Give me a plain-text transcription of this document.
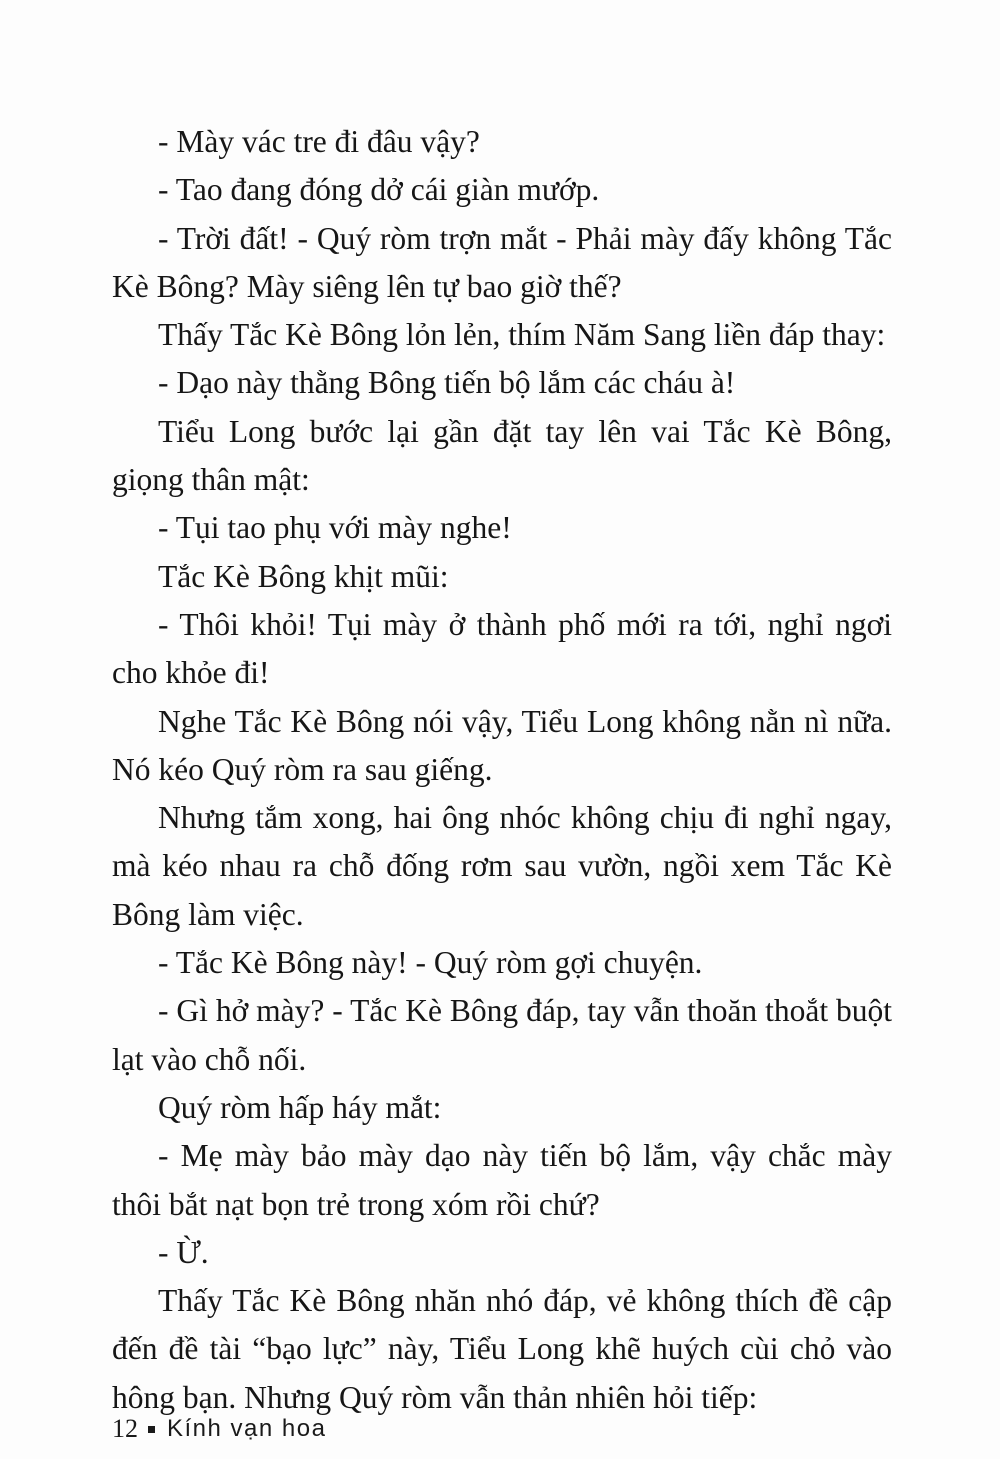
- Mày vác tre đi đâu vậy?

- Tao đang đóng dở cái giàn mướp.

- Trời đất! - Quý ròm trợn mắt - Phải mày đấy không Tắc Kè Bông? Mày siêng lên tự bao giờ thế?

Thấy Tắc Kè Bông lỏn lẻn, thím Năm Sang liền đáp thay:

- Dạo này thằng Bông tiến bộ lắm các cháu à!

Tiểu Long bước lại gần đặt tay lên vai Tắc Kè Bông, giọng thân mật:

- Tụi tao phụ với mày nghe!

Tắc Kè Bông khịt mũi:

- Thôi khỏi! Tụi mày ở thành phố mới ra tới, nghỉ ngơi cho khỏe đi!

Nghe Tắc Kè Bông nói vậy, Tiểu Long không nằn nì nữa. Nó kéo Quý ròm ra sau giếng.

Nhưng tắm xong, hai ông nhóc không chịu đi nghỉ ngay, mà kéo nhau ra chỗ đống rơm sau vườn, ngồi xem Tắc Kè Bông làm việc.

- Tắc Kè Bông này! - Quý ròm gợi chuyện.

- Gì hở mày? - Tắc Kè Bông đáp, tay vẫn thoăn thoắt buột lạt vào chỗ nối.

Quý ròm hấp háy mắt:

- Mẹ mày bảo mày dạo này tiến bộ lắm, vậy chắc mày thôi bắt nạt bọn trẻ trong xóm rồi chứ?

- Ừ.

Thấy Tắc Kè Bông nhăn nhó đáp, vẻ không thích đề cập đến đề tài “bạo lực” này, Tiểu Long khẽ huých cùi chỏ vào hông bạn. Nhưng Quý ròm vẫn thản nhiên hỏi tiếp:

12 Kính vạn hoa
